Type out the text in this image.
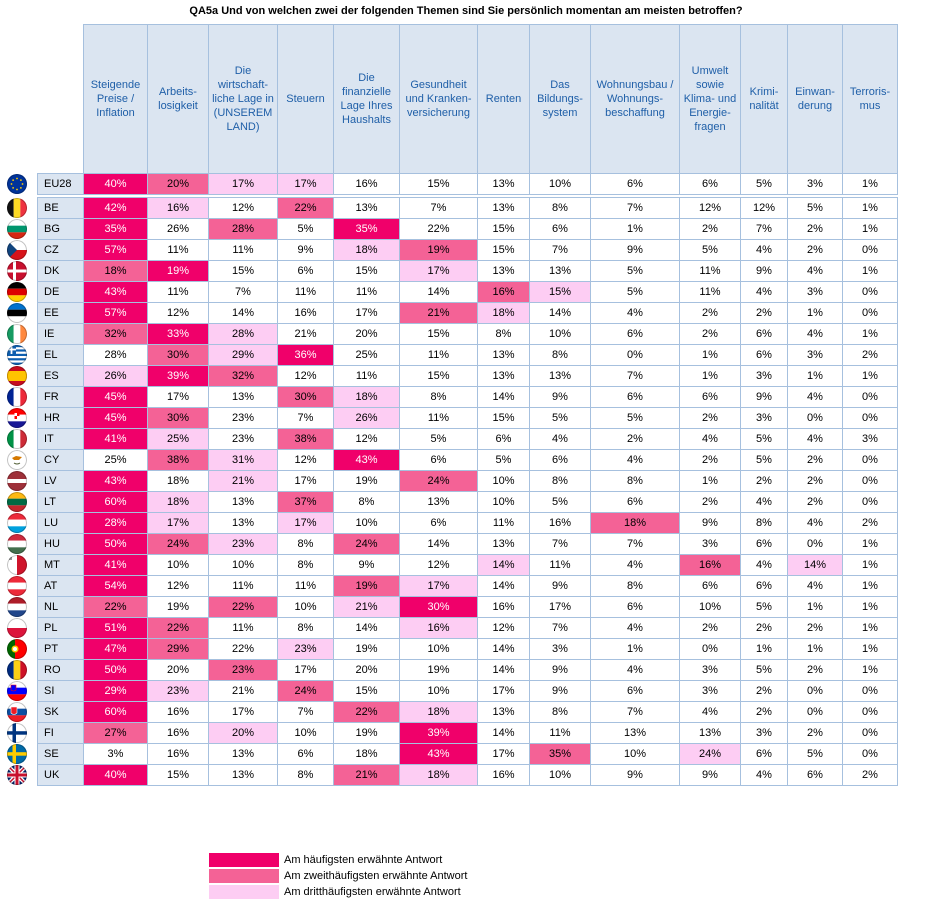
QA5a Und von welchen zwei der folgenden Themen sind Sie persönlich momentan am meisten betroffen?
	Steigende Preise / Inflation	Arbeits-losigkeit	Die wirtschaft-liche Lage in (UNSEREM LAND)	Steuern	Die finanzielle Lage Ihres Haushalts	Gesundheit und Kranken-versicherung	Renten	Das Bildungs-system	Wohnungsbau / Wohnungs-beschaffung	Umwelt sowie Klima- und Energie-fragen	Krimi-nalität	Einwan-derung	Terroris-mus
EU28	40%	20%	17%	17%	16%	15%	13%	10%	6%	6%	5%	3%	1%

BE	42%	16%	12%	22%	13%	7%	13%	8%	7%	12%	12%	5%	1%
BG	35%	26%	28%	5%	35%	22%	15%	6%	1%	2%	7%	2%	1%
CZ	57%	11%	11%	9%	18%	19%	15%	7%	9%	5%	4%	2%	0%
DK	18%	19%	15%	6%	15%	17%	13%	13%	5%	11%	9%	4%	1%
DE	43%	11%	7%	11%	11%	14%	16%	15%	5%	11%	4%	3%	0%
EE	57%	12%	14%	16%	17%	21%	18%	14%	4%	2%	2%	1%	0%
IE	32%	33%	28%	21%	20%	15%	8%	10%	6%	2%	6%	4%	1%
EL	28%	30%	29%	36%	25%	11%	13%	8%	0%	1%	6%	3%	2%
ES	26%	39%	32%	12%	11%	15%	13%	13%	7%	1%	3%	1%	1%
FR	45%	17%	13%	30%	18%	8%	14%	9%	6%	6%	9%	4%	0%
HR	45%	30%	23%	7%	26%	11%	15%	5%	5%	2%	3%	0%	0%
IT	41%	25%	23%	38%	12%	5%	6%	4%	2%	4%	5%	4%	3%
CY	25%	38%	31%	12%	43%	6%	5%	6%	4%	2%	5%	2%	0%
LV	43%	18%	21%	17%	19%	24%	10%	8%	8%	1%	2%	2%	0%
LT	60%	18%	13%	37%	8%	13%	10%	5%	6%	2%	4%	2%	0%
LU	28%	17%	13%	17%	10%	6%	11%	16%	18%	9%	8%	4%	2%
HU	50%	24%	23%	8%	24%	14%	13%	7%	7%	3%	6%	0%	1%
MT	41%	10%	10%	8%	9%	12%	14%	11%	4%	16%	4%	14%	1%
AT	54%	12%	11%	11%	19%	17%	14%	9%	8%	6%	6%	4%	1%
NL	22%	19%	22%	10%	21%	30%	16%	17%	6%	10%	5%	1%	1%
PL	51%	22%	11%	8%	14%	16%	12%	7%	4%	2%	2%	2%	1%
PT	47%	29%	22%	23%	19%	10%	14%	3%	1%	0%	1%	1%	1%
RO	50%	20%	23%	17%	20%	19%	14%	9%	4%	3%	5%	2%	1%
SI	29%	23%	21%	24%	15%	10%	17%	9%	6%	3%	2%	0%	0%
SK	60%	16%	17%	7%	22%	18%	13%	8%	7%	4%	2%	0%	0%
FI	27%	16%	20%	10%	19%	39%	14%	11%	13%	13%	3%	2%	0%
SE	3%	16%	13%	6%	18%	43%	17%	35%	10%	24%	6%	5%	0%
UK	40%	15%	13%	8%	21%	18%	16%	10%	9%	9%	4%	6%	2%
Am häufigsten erwähnte Antwort
Am zweithäufigsten erwähnte Antwort
Am dritthäufigsten erwähnte Antwort
